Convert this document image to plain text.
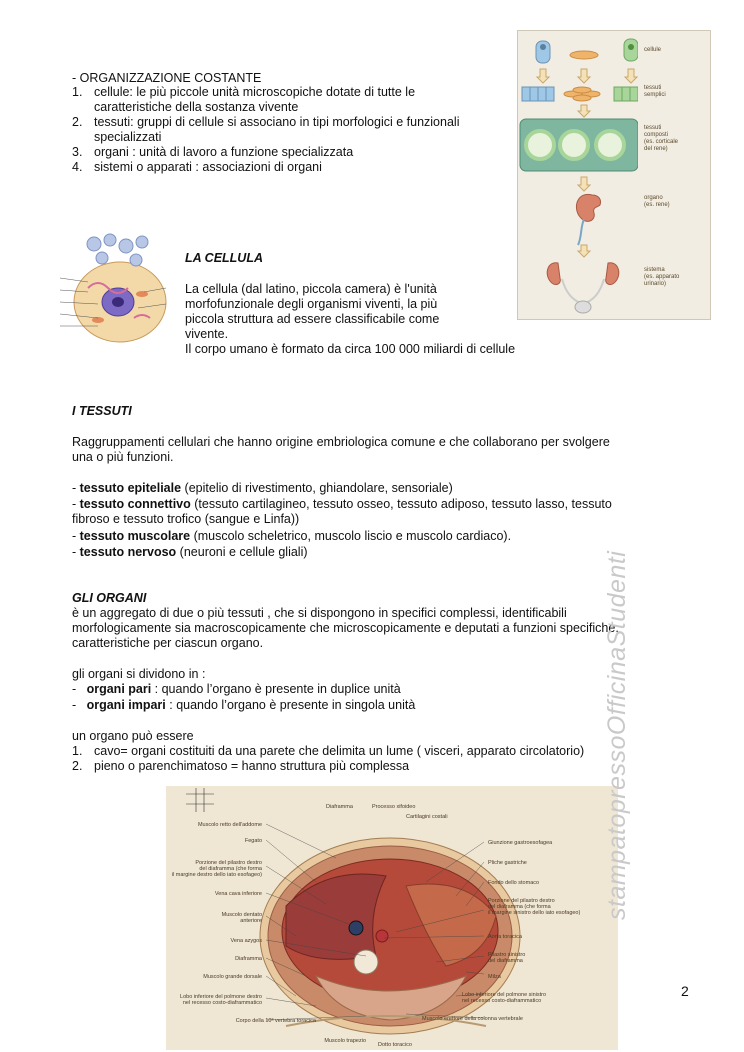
- ORGANIZZAZIONE COSTANTE
1. cellule: le più piccole unità microscopiche dotate di tutte le
caratteristiche della sostanza vivente
2. tessuti: gruppi di cellule si associano in tipi morfologici e funzionali
specializzati
3. organi : unità di lavoro a funzione specializzata
4. sistemi o apparati : associazioni di organi
cellule
tessuti
semplici
tessuti
composti
(es. corticale
del rene)
organo
(es. rene)
sistema
(es. apparato
urinario)
LA CELLULA
La cellula (dal latino, piccola camera) è l'unità
morfofunzionale degli organismi viventi, la più
piccola struttura ad essere classificabile come
vivente.
Il corpo umano è formato da circa 100 000 miliardi di cellule
I TESSUTI
Raggruppamenti cellulari che hanno origine embriologica comune e che collaborano per svolgere
una o più funzioni.
- tessuto epiteliale (epitelio di rivestimento, ghiandolare, sensoriale)
- tessuto connettivo (tessuto cartilagineo, tessuto osseo, tessuto adiposo, tessuto lasso, tessuto
fibroso e tessuto trofico (sangue e Linfa))
- tessuto muscolare (muscolo scheletrico, muscolo liscio e muscolo cardiaco).
- tessuto nervoso (neuroni e cellule gliali)
GLI ORGANI
è un aggregato di due o più tessuti , che si dispongono in specifici complessi, identificabili
morfologicamente sia macroscopicamente che microscopicamente e deputati a funzioni specifiche,
caratteristiche per ciascun organo.
gli organi si dividono in :
-   organi pari : quando l’organo è presente in duplice unità
-   organi impari : quando l’organo è presente in singola unità
un organo può essere
1. cavo= organi costituiti da una parete che delimita un lume ( visceri, apparato circolatorio)
2. pieno o parenchimatoso = hanno struttura più complessa
Diaframma	Processo xifoideo
Cartilagini costali
Muscolo retto dell'addome
Fegato
Porzione del pilastro destro
del diaframma (che forma
il margine destro dello iato esofageo)
Vena cava inferiore
Muscolo dentato
anteriore
Vena azygos
Diaframma
Muscolo grande dorsale
Lobo inferiore del polmone destro
nel recesso costo-diaframmatico
Corpo della 10ª vertebra toracica
Muscolo trapezio
Giunzione gastroesofagea
Pliche gastriche
Fondo dello stomaco
Porzione del pilastro destro
del diaframma (che forma
il margine sinistro dello iato esofageo)
Aorta toracica
Pilastro sinistro
del diaframma
Milza
Lobo inferiore del polmone sinistro
nel recesso costo-diaframmatico
Muscolo erettore della colonna vertebrale
Dotto toracico
stampatopressoOfficinaStudenti
2
